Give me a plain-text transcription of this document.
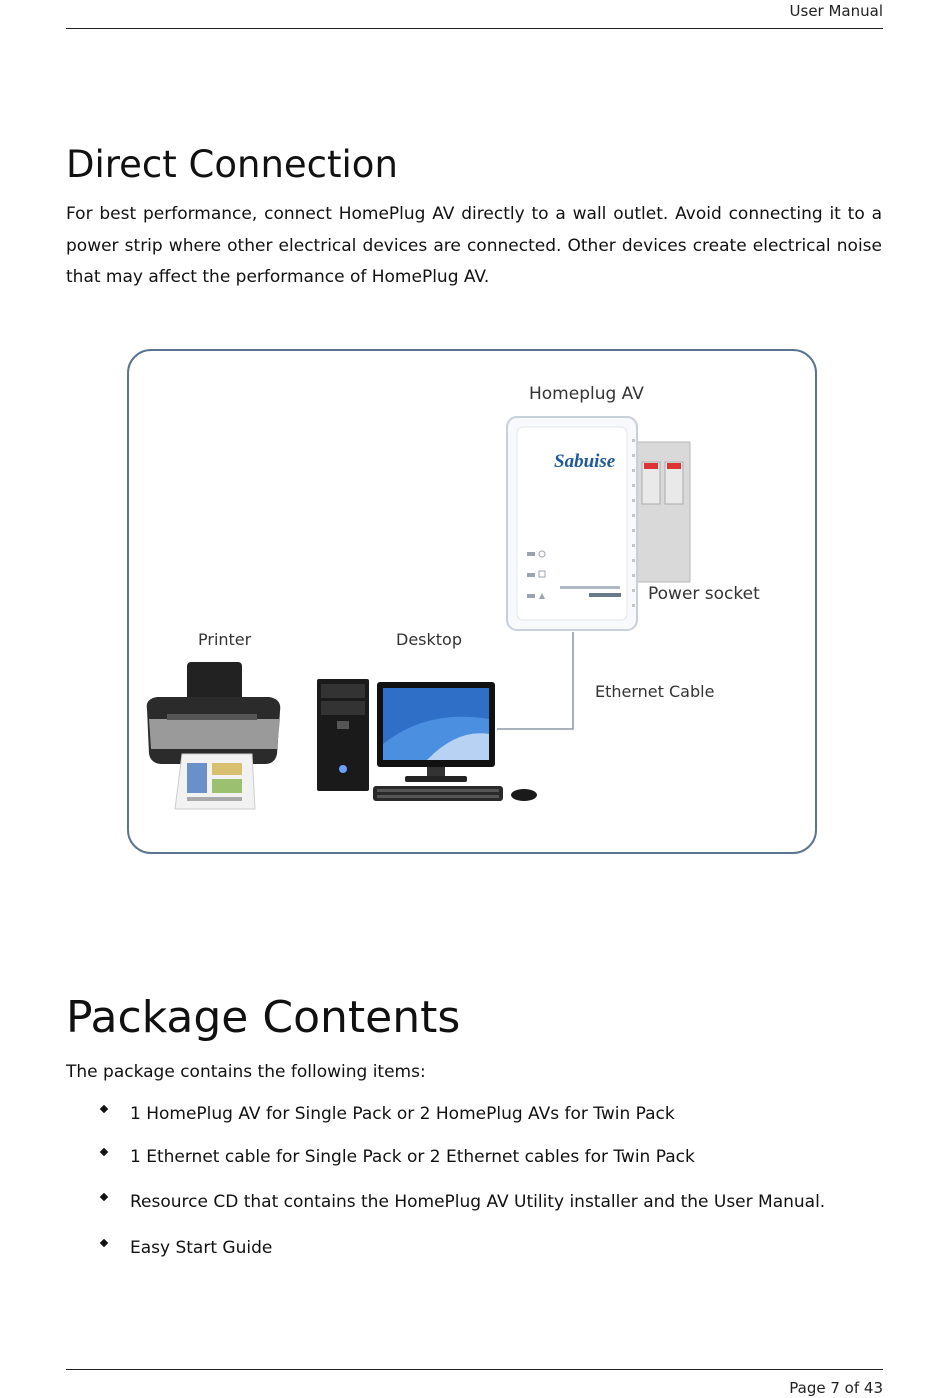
User Manual
Direct Connection

For best performance, connect HomePlug AV directly to a wall outlet. Avoid connecting it to a power strip where other electrical devices are connected. Other devices create electrical noise that may affect the performance of HomePlug AV.

Homeplug AV
Sabuise
Power socket
Printer	Desktop
Ethernet Cable
Package Contents

The package contains the following items:

1 HomePlug AV for Single Pack or 2 HomePlug AVs for Twin Pack
1 Ethernet cable for Single Pack or 2 Ethernet cables for Twin Pack
Resource CD that contains the HomePlug AV Utility installer and the User Manual.
Easy Start Guide
Page 7 of 43
